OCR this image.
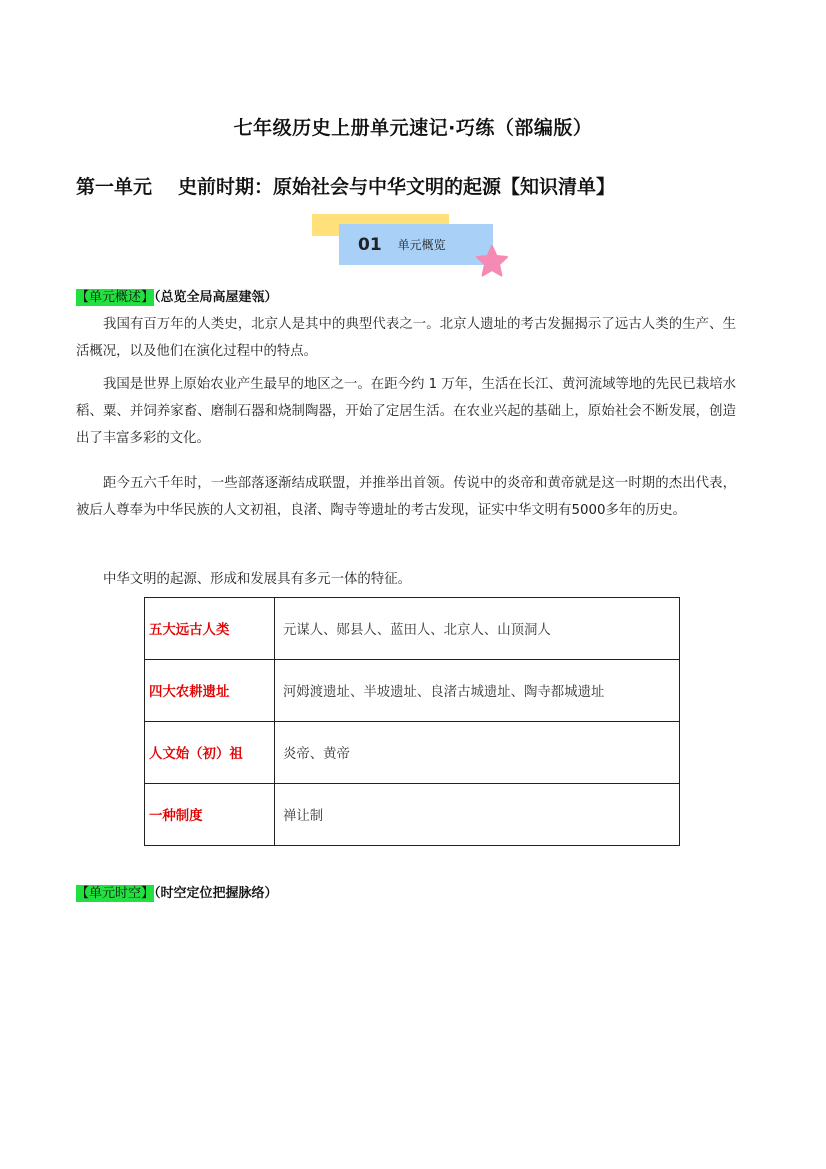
七年级历史上册单元速记·巧练（部编版）
第一单元 史前时期：原始社会与中华文明的起源【知识清单】
01 单元概览
【单元概述】（总览全局高屋建瓴）

我国有百万年的人类史，北京人是其中的典型代表之一。北京人遗址的考古发掘揭示了远古人类的生产、生活概况，以及他们在演化过程中的特点。

我国是世界上原始农业产生最早的地区之一。在距今约 1 万年，生活在长江、黄河流域等地的先民已栽培水稻、粟、并饲养家畜、磨制石器和烧制陶器，开始了定居生活。在农业兴起的基础上，原始社会不断发展，创造出了丰富多彩的文化。

距今五六千年时，一些部落逐渐结成联盟，并推举出首领。传说中的炎帝和黄帝就是这一时期的杰出代表，被后人尊奉为中华民族的人文初祖，良渚、陶寺等遗址的考古发现，证实中华文明有5000多年的历史。

中华文明的起源、形成和发展具有多元一体的特征。

五大远古人类	元谋人、郧县人、蓝田人、北京人、山顶洞人
四大农耕遗址	河姆渡遗址、半坡遗址、良渚古城遗址、陶寺都城遗址
人文始（初）祖	炎帝、黄帝
一种制度	禅让制
【单元时空】（时空定位把握脉络）
